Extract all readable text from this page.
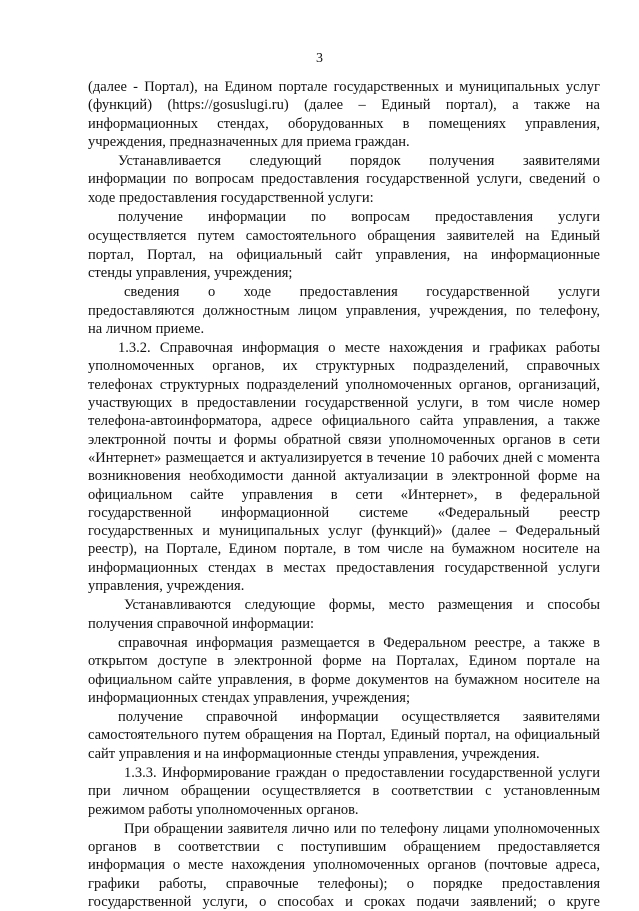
3
(далее - Портал), на Едином портале государственных и муниципальных услуг
(функций) (https://gosuslugi.ru) (далее – Единый портал), а также на
информационных стендах, оборудованных в помещениях управления,
учреждения, предназначенных для приема граждан.
Устанавливается следующий порядок получения заявителями
информации по вопросам предоставления государственной услуги, сведений о
ходе предоставления государственной услуги:
получение информации по вопросам предоставления услуги
осуществляется путем самостоятельного обращения заявителей на Единый
портал, Портал, на официальный сайт управления, на информационные
стенды управления, учреждения;
сведения о ходе предоставления государственной услуги
предоставляются должностным лицом управления, учреждения, по телефону,
на личном приеме.
1.3.2. Справочная информация о месте нахождения и графиках работы
уполномоченных органов, их структурных подразделений, справочных
телефонах структурных подразделений уполномоченных органов, организаций,
участвующих в предоставлении государственной услуги, в том числе номер
телефона-автоинформатора, адресе официального сайта управления, а также
электронной почты и формы обратной связи уполномоченных органов в сети
«Интернет» размещается и актуализируется в течение 10 рабочих дней с момента
возникновения необходимости данной актуализации в электронной форме на
официальном сайте управления в сети «Интернет», в федеральной
государственной информационной системе «Федеральный реестр
государственных и муниципальных услуг (функций)» (далее – Федеральный
реестр), на Портале, Едином портале, в том числе на бумажном носителе на
информационных стендах в местах предоставления государственной услуги
управления, учреждения.
Устанавливаются следующие формы, место размещения и способы
получения справочной информации:
справочная информация размещается в Федеральном реестре, а также в
открытом доступе в электронной форме на Порталах, Едином портале на
официальном сайте управления, в форме документов на бумажном носителе на
информационных стендах управления, учреждения;
получение справочной информации осуществляется заявителями
самостоятельного путем обращения на Портал, Единый портал, на официальный
сайт управления и на информационные стенды управления, учреждения.
1.3.3. Информирование граждан о предоставлении государственной услуги
при личном обращении осуществляется в соответствии с установленным
режимом работы уполномоченных органов.
При обращении заявителя лично или по телефону лицами уполномоченных
органов в соответствии с поступившим обращением предоставляется
информация о месте нахождения уполномоченных органов (почтовые адреса,
графики работы, справочные телефоны); о порядке предоставления
государственной услуги, о способах и сроках подачи заявлений; о круге
